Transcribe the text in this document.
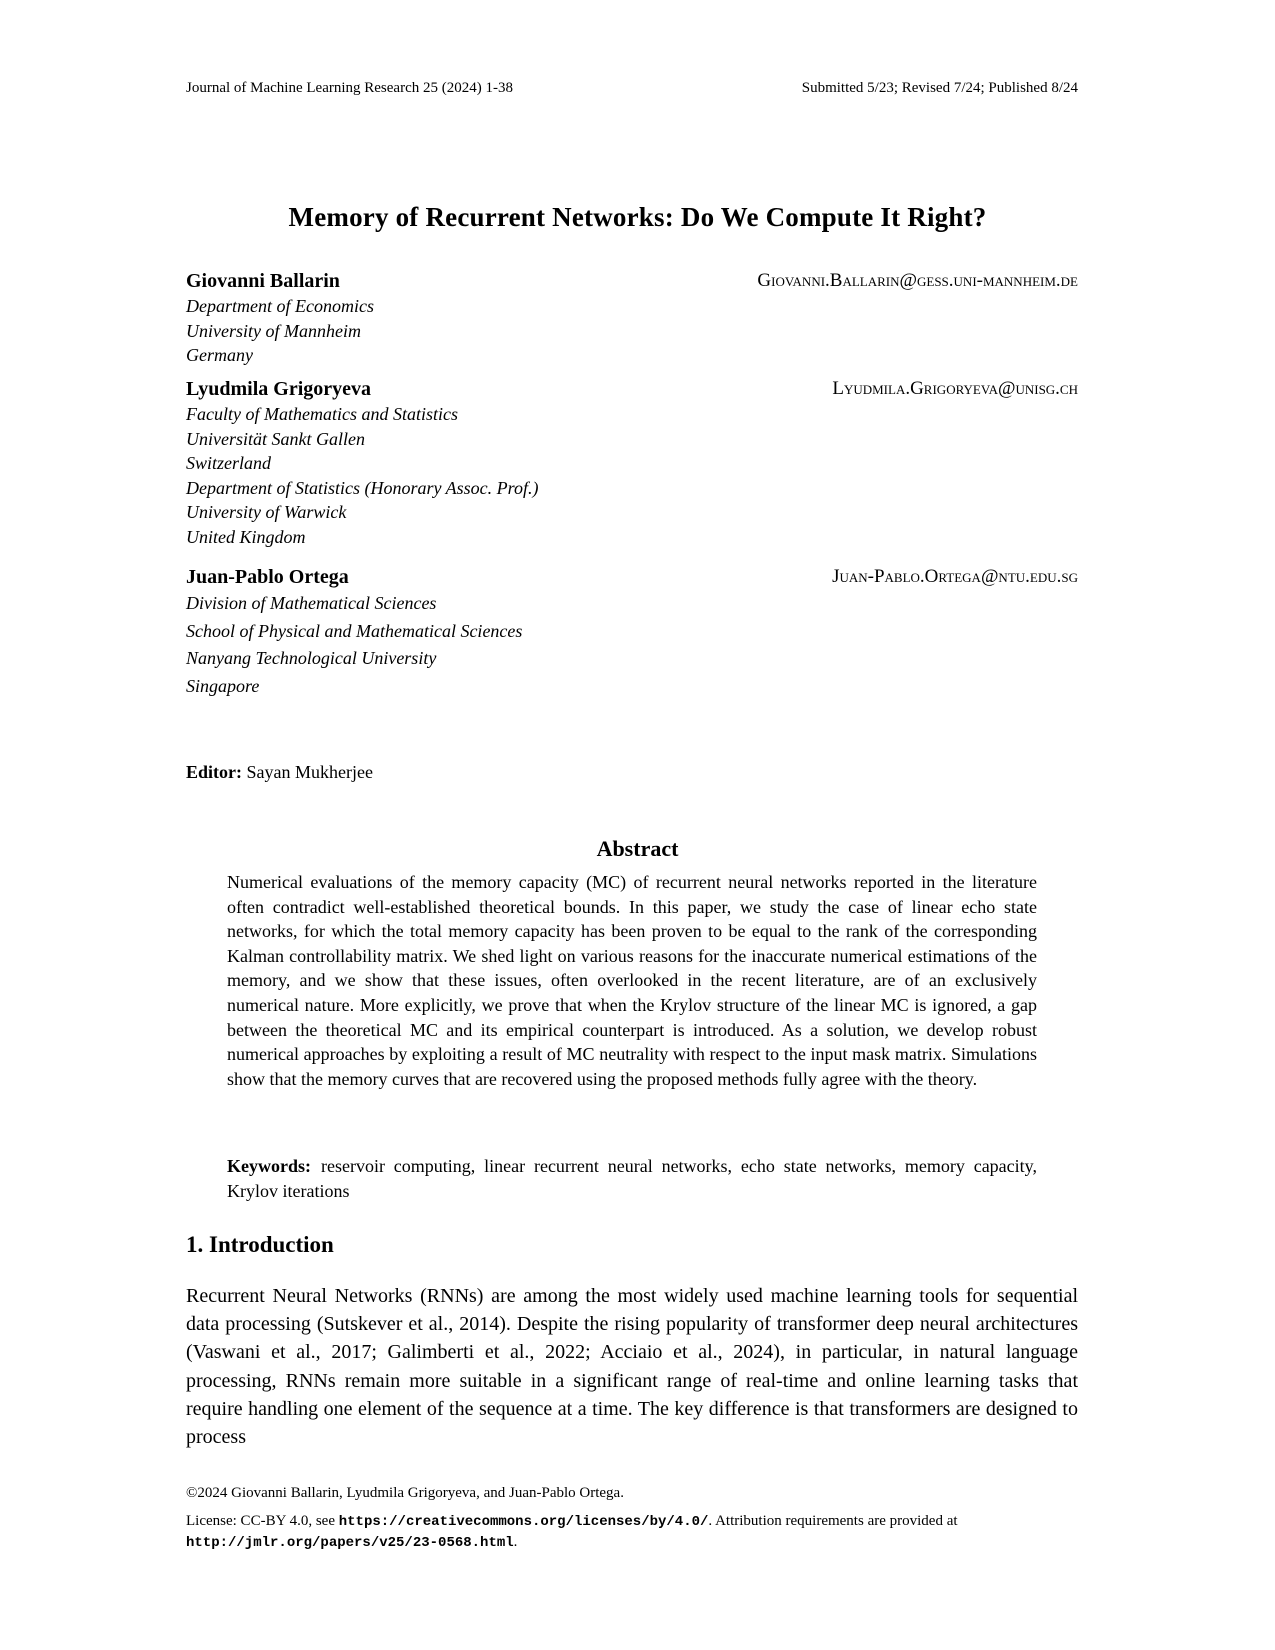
Journal of Machine Learning Research 25 (2024) 1-38	Submitted 5/23; Revised 7/24; Published 8/24
Memory of Recurrent Networks: Do We Compute It Right?
Giovanni Ballarin	Giovanni.Ballarin@gess.uni-mannheim.de
Department of Economics
University of Mannheim
Germany
Lyudmila Grigoryeva	Lyudmila.Grigoryeva@unisg.ch
Faculty of Mathematics and Statistics
Universität Sankt Gallen
Switzerland
Department of Statistics (Honorary Assoc. Prof.)
University of Warwick
United Kingdom
Juan-Pablo Ortega	Juan-Pablo.Ortega@ntu.edu.sg
Division of Mathematical Sciences
School of Physical and Mathematical Sciences
Nanyang Technological University
Singapore
Editor: Sayan Mukherjee
Abstract
Numerical evaluations of the memory capacity (MC) of recurrent neural networks reported in the literature often contradict well-established theoretical bounds. In this paper, we study the case of linear echo state networks, for which the total memory capacity has been proven to be equal to the rank of the corresponding Kalman controllability matrix. We shed light on various reasons for the inaccurate numerical estimations of the memory, and we show that these issues, often overlooked in the recent literature, are of an exclusively numerical nature. More explicitly, we prove that when the Krylov structure of the linear MC is ignored, a gap between the theoretical MC and its empirical counterpart is introduced. As a solution, we develop robust numerical approaches by exploiting a result of MC neutrality with respect to the input mask matrix. Simulations show that the memory curves that are recovered using the proposed methods fully agree with the theory.
Keywords: reservoir computing, linear recurrent neural networks, echo state networks, memory capacity, Krylov iterations
1. Introduction
Recurrent Neural Networks (RNNs) are among the most widely used machine learning tools for sequential data processing (Sutskever et al., 2014). Despite the rising popularity of transformer deep neural architectures (Vaswani et al., 2017; Galimberti et al., 2022; Acciaio et al., 2024), in particular, in natural language processing, RNNs remain more suitable in a significant range of real-time and online learning tasks that require handling one element of the sequence at a time. The key difference is that transformers are designed to process
©2024 Giovanni Ballarin, Lyudmila Grigoryeva, and Juan-Pablo Ortega.
License: CC-BY 4.0, see https://creativecommons.org/licenses/by/4.0/. Attribution requirements are provided at http://jmlr.org/papers/v25/23-0568.html.
